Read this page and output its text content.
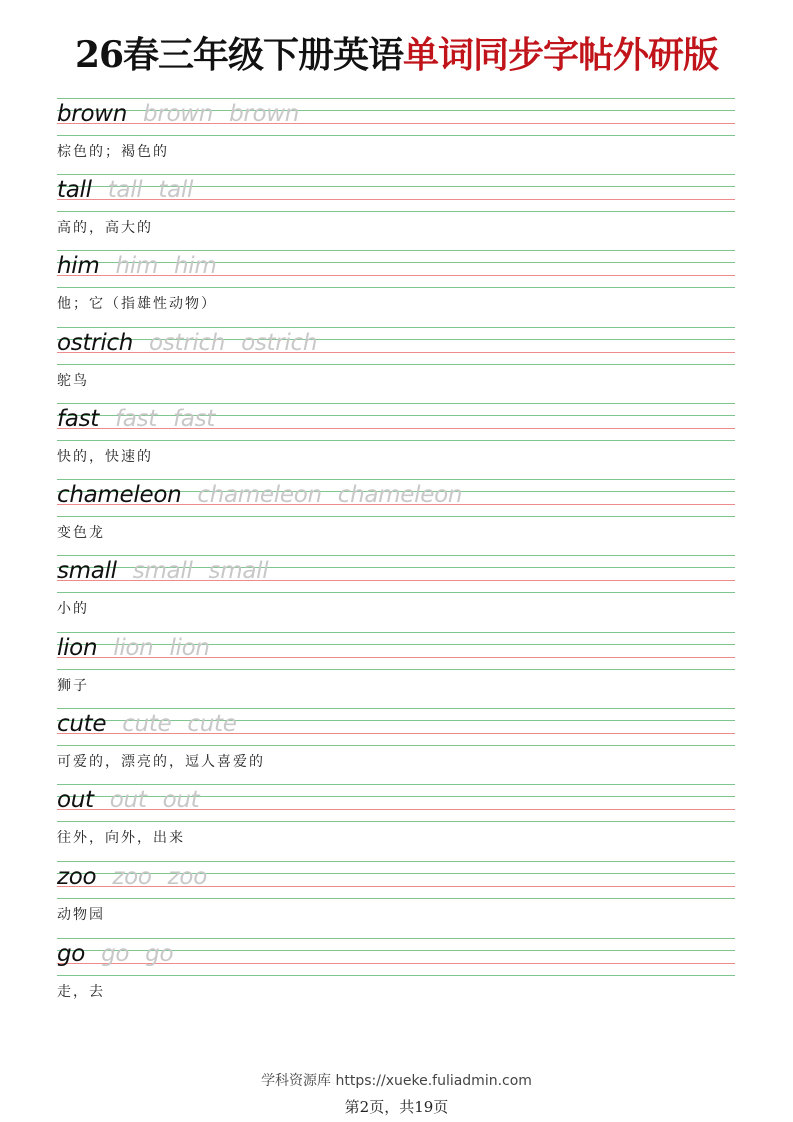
26春三年级下册英语单词同步字帖外研版
brown brown brown
棕色的；褐色的
tall tall tall
高的，高大的
him him him
他；它（指雄性动物）
ostrich ostrich ostrich
鸵鸟
fast fast fast
快的，快速的
chameleon chameleon chameleon
变色龙
small small small
小的
lion lion lion
狮子
cute cute cute
可爱的，漂亮的，逗人喜爱的
out out out
往外，向外，出来
zoo zoo zoo
动物园
go go go
走，去
学科资源库 https://xueke.fuliadmin.com
第2页，共19页
